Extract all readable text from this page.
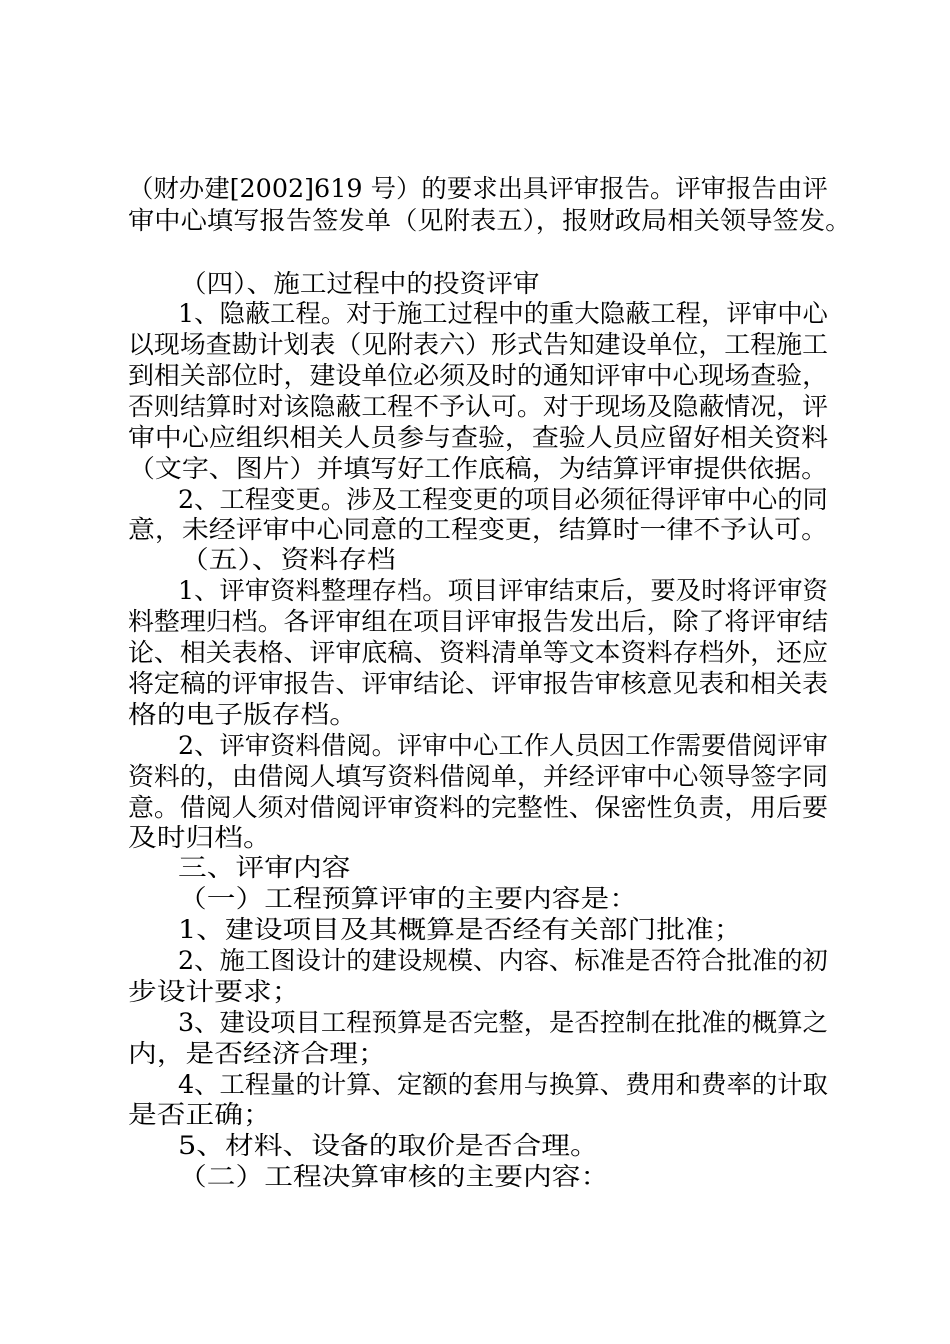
（财办建[2002]619 号）的要求出具评审报告。评审报告由评
审中心填写报告签发单（见附表五），报财政局相关领导签发。
（四）、施工过程中的投资评审
1、隐蔽工程。对于施工过程中的重大隐蔽工程，评审中心
以现场查勘计划表（见附表六）形式告知建设单位，工程施工
到相关部位时，建设单位必须及时的通知评审中心现场查验，
否则结算时对该隐蔽工程不予认可。对于现场及隐蔽情况，评
审中心应组织相关人员参与查验，查验人员应留好相关资料
（文字、图片）并填写好工作底稿，为结算评审提供依据。
2、工程变更。涉及工程变更的项目必须征得评审中心的同
意，未经评审中心同意的工程变更，结算时一律不予认可。
（五）、资料存档
1、评审资料整理存档。项目评审结束后，要及时将评审资
料整理归档。各评审组在项目评审报告发出后，除了将评审结
论、相关表格、评审底稿、资料清单等文本资料存档外，还应
将定稿的评审报告、评审结论、评审报告审核意见表和相关表
格的电子版存档。
2、评审资料借阅。评审中心工作人员因工作需要借阅评审
资料的，由借阅人填写资料借阅单，并经评审中心领导签字同
意。借阅人须对借阅评审资料的完整性、保密性负责，用后要
及时归档。
三、评审内容
（一）工程预算评审的主要内容是：
1、建设项目及其概算是否经有关部门批准；
2、施工图设计的建设规模、内容、标准是否符合批准的初
步设计要求；
3、建设项目工程预算是否完整，是否控制在批准的概算之
内，是否经济合理；
4、工程量的计算、定额的套用与换算、费用和费率的计取
是否正确；
5、材料、设备的取价是否合理。
（二）工程决算审核的主要内容：
